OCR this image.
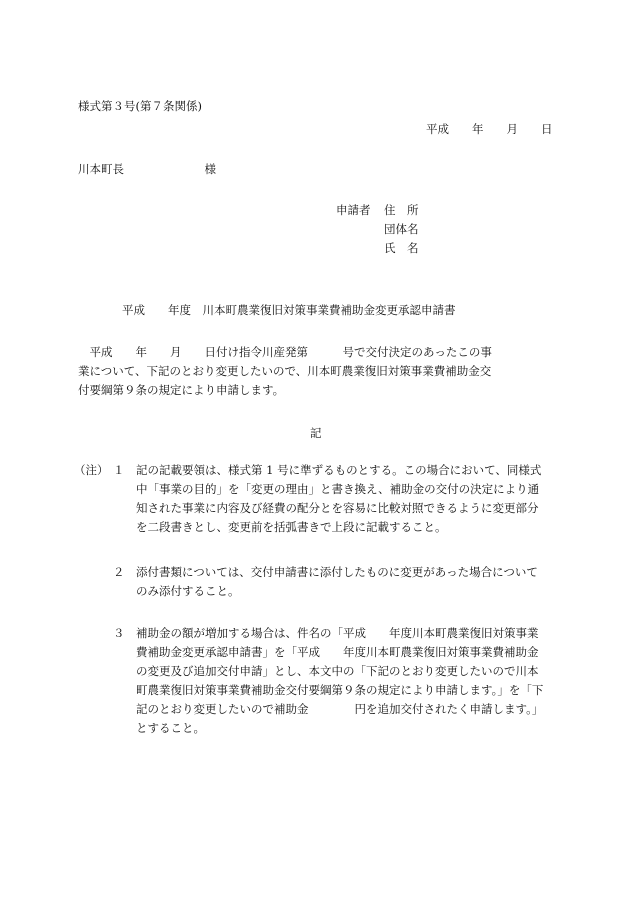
様式第３号(第７条関係)
平成　　年　　月　　日
川本町長　　　　　　　様
申請者 住　所
団体名
氏　名
平成　　年度　川本町農業復旧対策事業費補助金変更承認申請書

　平成　　年　　月　　日付け指令川産発第　　　号で交付決定のあったこの事

業について、下記のとおり変更したいので、川本町農業復旧対策事業費補助金交

付要綱第９条の規定により申請します。

記
（注） １

記の記載要領は、様式第 1 号に準ずるものとする。この場合において、同様式

中「事業の目的」を「変更の理由」と書き換え、補助金の交付の決定により通

知された事業に内容及び経費の配分とを容易に比較対照できるように変更部分

を二段書きとし、変更前を括弧書きで上段に記載すること。

２

添付書類については、交付申請書に添付したものに変更があった場合について

のみ添付すること。

３

補助金の額が増加する場合は、件名の「平成　　年度川本町農業復旧対策事業

費補助金変更承認申請書」を「平成　　年度川本町農業復旧対策事業費補助金

の変更及び追加交付申請」とし、本文中の「下記のとおり変更したいので川本

町農業復旧対策事業費補助金交付要綱第９条の規定により申請します。」を「下

記のとおり変更したいので補助金　　　　円を追加交付されたく申請します。」

とすること。
